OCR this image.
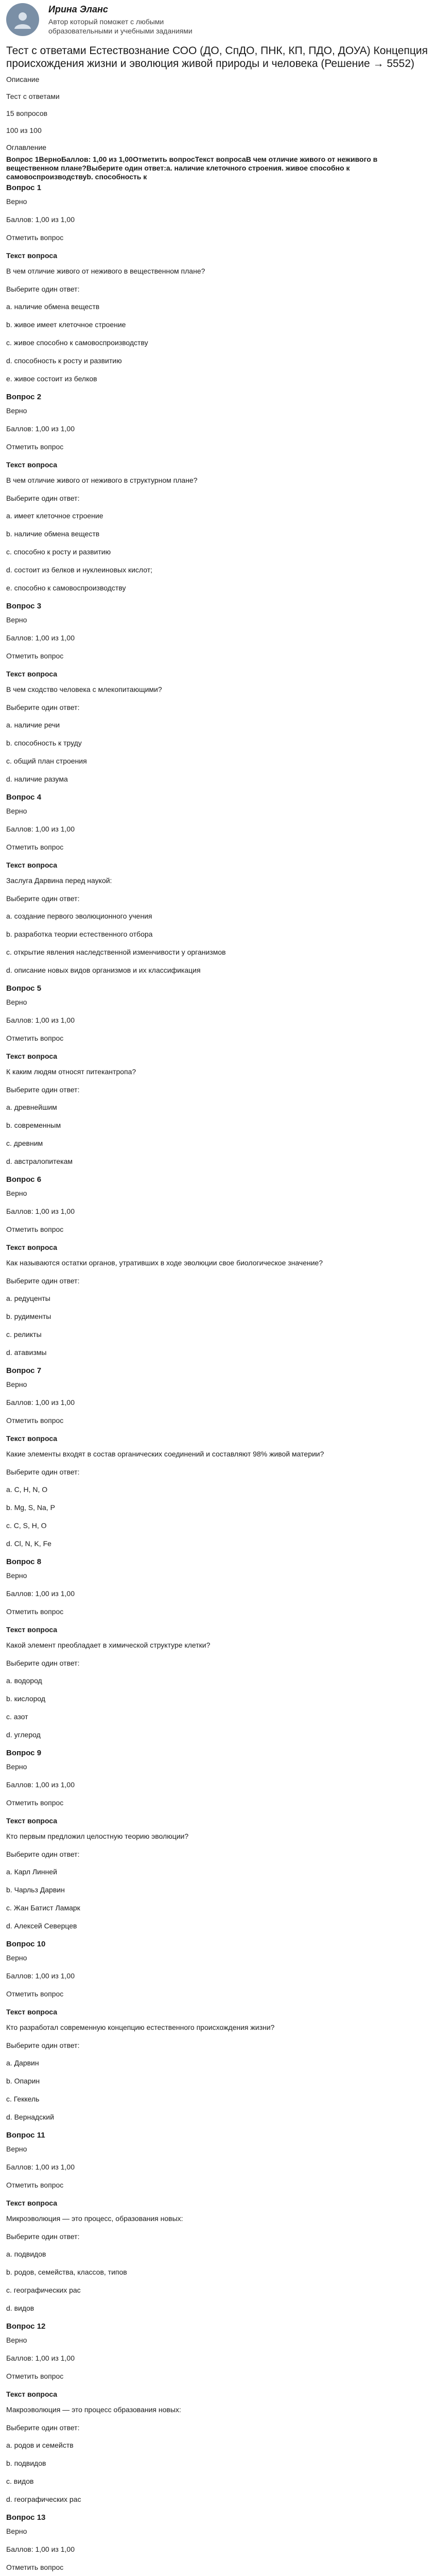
Ирина Эланс
Автор который поможет с любыми образовательными и учебными заданиями
Тест с ответами Естествознание СОО (ДО, СпДО, ПНК, КП, ПДО, ДОУА) Концепция происхождения жизни и эволюция живой природы и человека (Решение → 5552)
Описание
Тест с ответами
15 вопросов
100 из 100
Оглавление
Вопрос 1ВерноБаллов: 1,00 из 1,00Отметить вопросТекст вопросаВ чем отличие живого от неживого в вещественном плане?Выберите один ответ:a. наличие клеточного строения. живое способно к самовоспроизводствуb. способность к
Вопрос 1
Верно
Баллов: 1,00 из 1,00
Отметить вопрос
Текст вопроса
В чем отличие живого от неживого в вещественном плане?
Выберите один ответ:
a. наличие обмена веществ
b. живое имеет клеточное строение
c. живое способно к самовоспроизводству
d. способность к росту и развитию
e. живое состоит из белков
Вопрос 2
Верно
Баллов: 1,00 из 1,00
Отметить вопрос
Текст вопроса
В чем отличие живого от неживого в структурном плане?
Выберите один ответ:
a. имеет клеточное строение
b. наличие обмена веществ
c. способно к росту и развитию
d. состоит из белков и нуклеиновых кислот;
e. способно к самовоспроизводству
Вопрос 3
Верно
Баллов: 1,00 из 1,00
Отметить вопрос
Текст вопроса
В чем сходство человека с млекопитающими?
Выберите один ответ:
a. наличие речи
b. способность к труду
c. общий план строения
d. наличие разума
Вопрос 4
Верно
Баллов: 1,00 из 1,00
Отметить вопрос
Текст вопроса
Заслуга Дарвина перед наукой:
Выберите один ответ:
a. создание первого эволюционного учения
b. разработка теории естественного отбора
c. открытие явления наследственной изменчивости у организмов
d. описание новых видов организмов и их классификация
Вопрос 5
Верно
Баллов: 1,00 из 1,00
Отметить вопрос
Текст вопроса
К каким людям относят питекантропа?
Выберите один ответ:
a. древнейшим
b. современным
c. древним
d. австралопитекам
Вопрос 6
Верно
Баллов: 1,00 из 1,00
Отметить вопрос
Текст вопроса
Как называются остатки органов, утративших в ходе эволюции свое биологическое значение?
Выберите один ответ:
a. редуценты
b. рудименты
c. реликты
d. атавизмы
Вопрос 7
Верно
Баллов: 1,00 из 1,00
Отметить вопрос
Текст вопроса
Какие элементы входят в состав органических соединений и составляют 98% живой материи?
Выберите один ответ:
a. C, H, N, O
b. Mg, S, Na, P
c. C, S, H, O
d. Cl, N, K, Fe
Вопрос 8
Верно
Баллов: 1,00 из 1,00
Отметить вопрос
Текст вопроса
Какой элемент преобладает в химической структуре клетки?
Выберите один ответ:
a. водород
b. кислород
c. азот
d. углерод
Вопрос 9
Верно
Баллов: 1,00 из 1,00
Отметить вопрос
Текст вопроса
Кто первым предложил целостную теорию эволюции?
Выберите один ответ:
a. Карл Линней
b. Чарльз Дарвин
c. Жан Батист Ламарк
d. Алексей Северцев
Вопрос 10
Верно
Баллов: 1,00 из 1,00
Отметить вопрос
Текст вопроса
Кто разработал современную концепцию естественного происхождения жизни?
Выберите один ответ:
a. Дарвин
b. Опарин
c. Геккель
d. Вернадский
Вопрос 11
Верно
Баллов: 1,00 из 1,00
Отметить вопрос
Текст вопроса
Микроэволюция — это процесс, образования новых:
Выберите один ответ:
a. подвидов
b. родов, семейства, классов, типов
c. географических рас
d. видов
Вопрос 12
Верно
Баллов: 1,00 из 1,00
Отметить вопрос
Текст вопроса
Макроэволюция — это процесс образования новых:
Выберите один ответ:
a. родов и семейств
b. подвидов
c. видов
d. географических рас
Вопрос 13
Верно
Баллов: 1,00 из 1,00
Отметить вопрос
